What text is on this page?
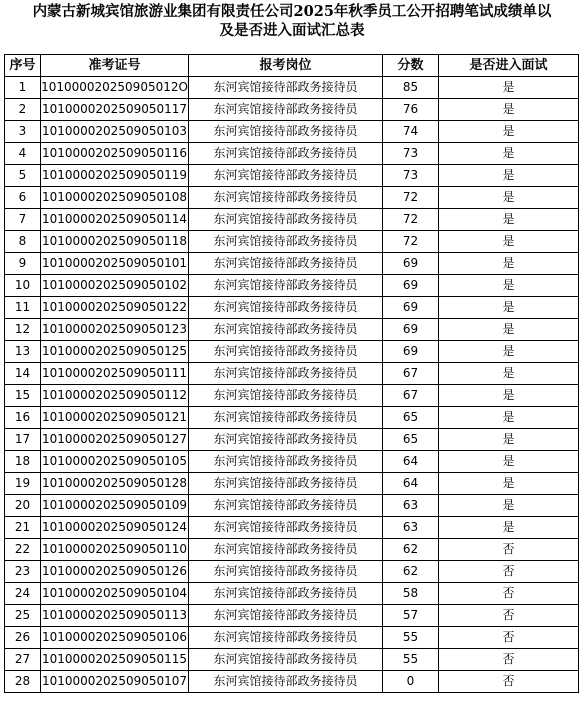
内蒙古新城宾馆旅游业集团有限责任公司2025年秋季员工公开招聘笔试成绩单以
及是否进入面试汇总表
序号	准考证号	报考岗位	分数	是否进入面试
1	101000020250905012O	东河宾馆接待部政务接待员	85	是
2	1010000202509050117	东河宾馆接待部政务接待员	76	是
3	1010000202509050103	东河宾馆接待部政务接待员	74	是
4	1010000202509050116	东河宾馆接待部政务接待员	73	是
5	1010000202509050119	东河宾馆接待部政务接待员	73	是
6	1010000202509050108	东河宾馆接待部政务接待员	72	是
7	1010000202509050114	东河宾馆接待部政务接待员	72	是
8	1010000202509050118	东河宾馆接待部政务接待员	72	是
9	1010000202509050101	东河宾馆接待部政务接待员	69	是
10	1010000202509050102	东河宾馆接待部政务接待员	69	是
11	1010000202509050122	东河宾馆接待部政务接待员	69	是
12	1010000202509050123	东河宾馆接待部政务接待员	69	是
13	1010000202509050125	东河宾馆接待部政务接待员	69	是
14	1010000202509050111	东河宾馆接待部政务接待员	67	是
15	1010000202509050112	东河宾馆接待部政务接待员	67	是
16	1010000202509050121	东河宾馆接待部政务接待员	65	是
17	1010000202509050127	东河宾馆接待部政务接待员	65	是
18	1010000202509050105	东河宾馆接待部政务接待员	64	是
19	1010000202509050128	东河宾馆接待部政务接待员	64	是
20	1010000202509050109	东河宾馆接待部政务接待员	63	是
21	1010000202509050124	东河宾馆接待部政务接待员	63	是
22	1010000202509050110	东河宾馆接待部政务接待员	62	否
23	1010000202509050126	东河宾馆接待部政务接待员	62	否
24	1010000202509050104	东河宾馆接待部政务接待员	58	否
25	1010000202509050113	东河宾馆接待部政务接待员	57	否
26	1010000202509050106	东河宾馆接待部政务接待员	55	否
27	1010000202509050115	东河宾馆接待部政务接待员	55	否
28	1010000202509050107	东河宾馆接待部政务接待员	0	否
